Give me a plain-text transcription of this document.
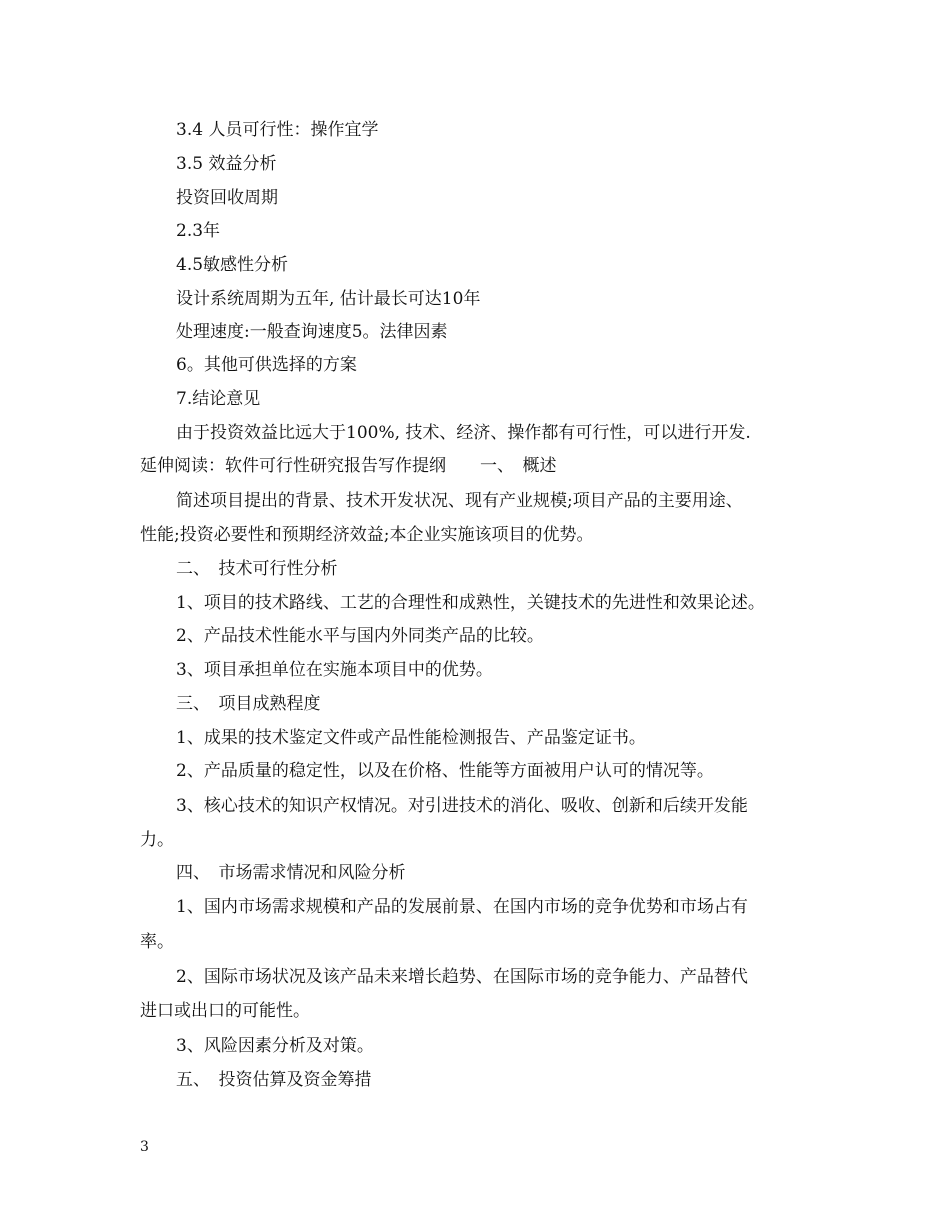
3.4 人员可行性：操作宜学
3.5 效益分析
投资回收周期
2.3年
4.5敏感性分析
设计系统周期为五年, 估计最长可达10年
处理速度:一般查询速度5。法律因素
6。其他可供选择的方案
7.结论意见
由于投资效益比远大于100%, 技术、经济、操作都有可行性，可以进行开发.
延伸阅读：软件可行性研究报告写作提纲　　一、　概述
简述项目提出的背景、技术开发状况、现有产业规模;项目产品的主要用途、
性能;投资必要性和预期经济效益;本企业实施该项目的优势。
二、　技术可行性分析
1、项目的技术路线、工艺的合理性和成熟性，关键技术的先进性和效果论述。
2、产品技术性能水平与国内外同类产品的比较。
3、项目承担单位在实施本项目中的优势。
三、　项目成熟程度
1、成果的技术鉴定文件或产品性能检测报告、产品鉴定证书。
2、产品质量的稳定性，以及在价格、性能等方面被用户认可的情况等。
3、核心技术的知识产权情况。对引进技术的消化、吸收、创新和后续开发能
力。
四、　市场需求情况和风险分析
1、国内市场需求规模和产品的发展前景、在国内市场的竞争优势和市场占有
率。
2、国际市场状况及该产品未来增长趋势、在国际市场的竞争能力、产品替代
进口或出口的可能性。
3、风险因素分析及对策。
五、　投资估算及资金筹措
3
